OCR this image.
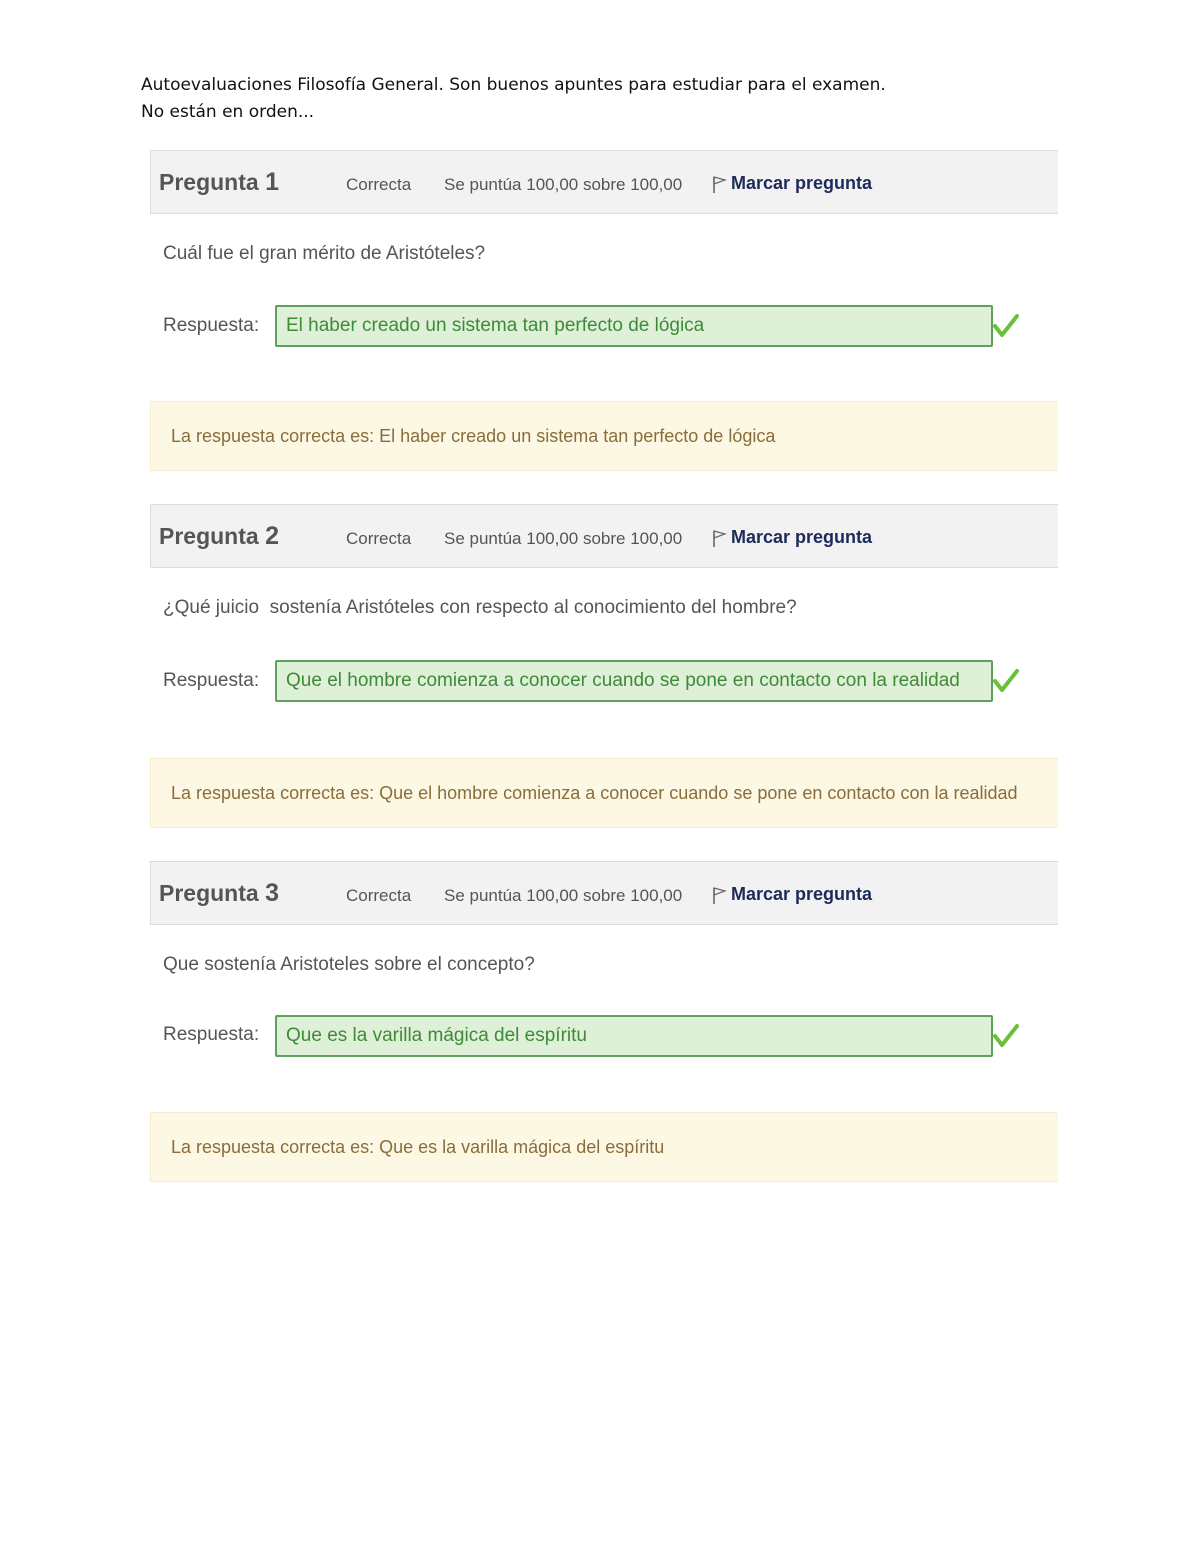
Autoevaluaciones Filosofía General. Son buenos apuntes para estudiar para el examen.
No están en orden...
Pregunta 1	Correcta Se puntúa 100,00 sobre 100,00	Marcar pregunta
Cuál fue el gran mérito de Aristóteles?
Respuesta:	El haber creado un sistema tan perfecto de lógica
La respuesta correcta es: El haber creado un sistema tan perfecto de lógica
Pregunta 2	Correcta Se puntúa 100,00 sobre 100,00	Marcar pregunta
¿Qué juicio  sostenía Aristóteles con respecto al conocimiento del hombre?
Respuesta:	Que el hombre comienza a conocer cuando se pone en contacto con la realidad
La respuesta correcta es: Que el hombre comienza a conocer cuando se pone en contacto con la realidad
Pregunta 3	Correcta Se puntúa 100,00 sobre 100,00	Marcar pregunta
Que sostenía Aristoteles sobre el concepto?
Respuesta:	Que es la varilla mágica del espíritu
La respuesta correcta es: Que es la varilla mágica del espíritu
